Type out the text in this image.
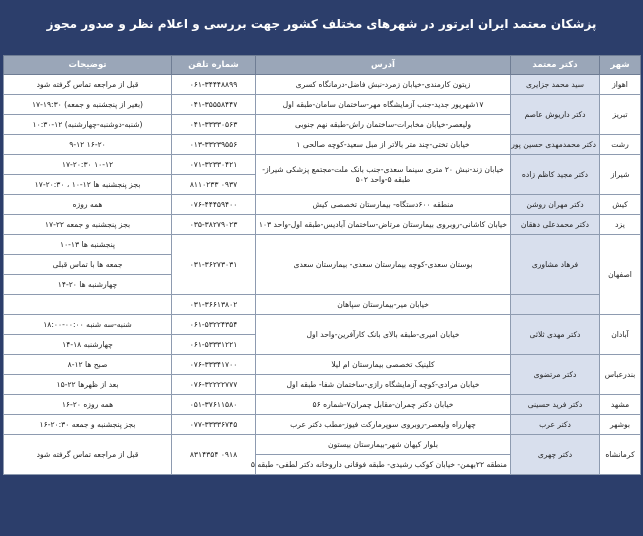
پزشکان معتمد ایران ایرتور در شهرهای مختلف کشور جهت بررسی و اعلام نظر و صدور مجوز
شهر	دکتر معتمد	آدرس	شماره تلفن	توضیحات
اهواز	سید محمد جزایری	زیتون کارمندی-خیابان زمرد-نبش فاضل-درمانگاه کسری	۰۶۱-۳۴۴۴۸۸۹۹	قبل از مراجعه تماس گرفته شود
تبریز	دکتر داریوش عاصم	۱۷شهریور جدید-جنب آزمایشگاه مهر-ساختمان سامان-طبقه اول	۰۴۱-۳۵۵۵۸۴۴۷	(بغیر از پنجشنبه و جمعه) ۱۹:۳۰-۱۷
		ولیعصر-خیابان مخابرات-ساختمان راش-طبقه نهم جنوبی	۰۴۱-۳۳۳۳۰۵۶۳	(شنبه-دوشنبه-چهارشنبه) ۱۲-۱۰:۳۰
رشت	دکتر محمدمهدی حسین پور	خیابان تختی-چند متر بالاتر از مبل سعید-کوچه صالحی ۱	۰۱۳-۳۳۲۳۹۵۵۶	۱۶-۲۰ ۹-۱۲
شیراز	دکتر مجید کاظم زاده	خیابان زند-نبش ۲۰ متری سینما سعدی-جنب بانک ملت-مجتمع پزشکی شیراز-طبقه ۵-واحد ۵۰۲	۰۷۱-۳۲۳۳۰۴۲۱	۱۰-۱۲ ۱۷-۲۰:۳۰
			۰۹۳۷ ۸۱۱۰۲۳۳	بجز پنجشنبه ها ۱۲-۱۰ ، ۲۰:۳۰-۱۷
کیش	دکتر مهران روشن	منطقه ۶۰۰دستگاه- بیمارستان تخصصی کیش	۰۷۶-۴۴۴۵۹۴۰۰	همه روزه
یزد	دکتر محمدعلی دهقان	خیابان کاشانی-روبروی بیمارستان مرتاض-ساختمان آبادیس-طبقه اول-واحد ۱۰۳	۰۳۵-۳۸۲۷۹۰۲۳	بجز پنجشنبه و جمعه ۲۲-۱۷
اصفهان	فرهاد مشاوری	بوستان سعدی-کوچه بیمارستان سعدی- بیمارستان سعدی	۰۳۱-۳۶۲۷۳۰۳۱	پنجشنبه ها ۱۳-۱۰
				جمعه ها با تماس قبلی
				چهارشنبه ها ۲۰-۱۴
		خیابان میر-بیمارستان سپاهان	۰۳۱-۳۶۶۱۳۸۰۲	
آبادان	دکتر مهدی ثلاثی	خیابان امیری-طبقه بالای بانک کارآفرین-واحد اول	۰۶۱-۵۳۲۲۴۳۵۴	شنبه-سه شنبه ۰۰:۰۰-۱۸:۰۰
			۰۶۱-۵۳۳۳۱۲۲۱	چهارشنبه ۱۸-۱۴
بندرعباس	دکتر مرتضوی	کلینیک تخصصی بیمارستان ام لیلا	۰۷۶-۳۳۳۴۱۷۰۰	صبح ها ۱۲-۸
		خیابان مرادی-کوچه آزمایشگاه رازی-ساختمان شفا- طبقه اول	۰۷۶-۳۲۲۲۲۷۷۷	بعد از ظهرها ۲۲-۱۵
مشهد	دکتر فرید حسینی	خیابان دکتر چمران-مقابل چمران۷-شماره ۵۶	۰۵۱-۳۷۶۱۱۵۸۰	همه روزه ۲۰-۱۶
بوشهر	دکتر عرب	چهارراه ولیعصر-روبروی سوپرمارکت فیوز-مطب دکتر عرب	۰۷۷-۳۳۳۳۶۷۴۵	بجز پنجشنبه و جمعه ۲۰:۳۰-۱۶
کرمانشاه	دکتر چهری	بلوار کیهان شهر-بیمارستان بیستون	۰۹۱۸ ۸۳۱۴۳۵۴	قبل از مراجعه تماس گرفته شود
		منطقه ۲۲بهمن- خیابان کوکب رشیدی- طبقه فوقانی داروخانه دکتر لطفی- طبقه ۵		
